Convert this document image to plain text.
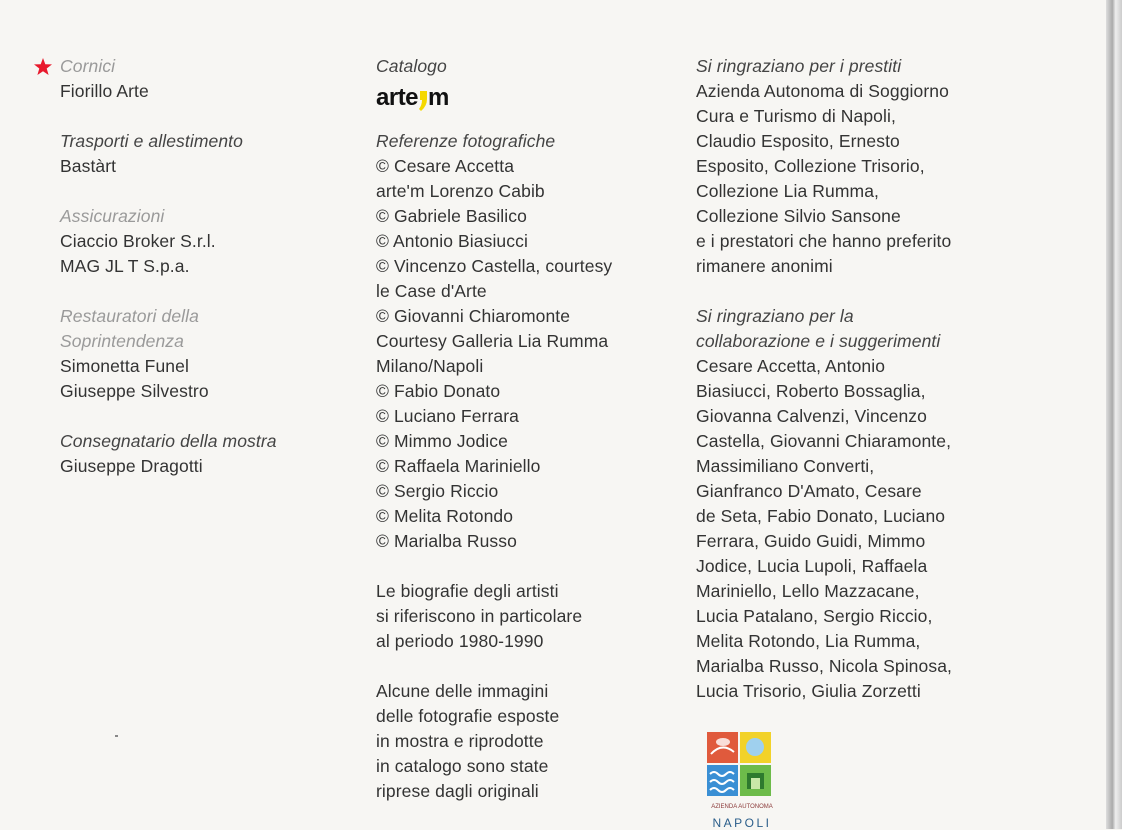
Cornici
Fiorillo Arte
Trasporti e allestimento
Bastàrt
Assicurazioni
Ciaccio Broker S.r.l.
MAG JL T S.p.a.
Restauratori della
Soprintendenza
Simonetta Funel
Giuseppe Silvestro
Consegnatario della mostra
Giuseppe Dragotti
Catalogo
arte m
Referenze fotografiche
© Cesare Accetta
arte'm Lorenzo Cabib
© Gabriele Basilico
© Antonio Biasiucci
© Vincenzo Castella, courtesy
le Case d'Arte
© Giovanni Chiaromonte
Courtesy Galleria Lia Rumma
Milano/Napoli
© Fabio Donato
© Luciano Ferrara
© Mimmo Jodice
© Raffaela Mariniello
© Sergio Riccio
© Melita Rotondo
© Marialba Russo
Le biografie degli artisti
si riferiscono in particolare
al periodo 1980-1990
Alcune delle immagini
delle fotografie esposte
in mostra e riprodotte
in catalogo sono state
riprese dagli originali
Si ringraziano per i prestiti
Azienda Autonoma di Soggiorno
Cura e Turismo di Napoli,
Claudio Esposito, Ernesto
Esposito, Collezione Trisorio,
Collezione Lia Rumma,
Collezione Silvio Sansone
e i prestatori che hanno preferito
rimanere anonimi
Si ringraziano per la
collaborazione e i suggerimenti
Cesare Accetta, Antonio
Biasiucci, Roberto Bossaglia,
Giovanna Calvenzi, Vincenzo
Castella, Giovanni Chiaramonte,
Massimiliano Converti,
Gianfranco D'Amato, Cesare
de Seta, Fabio Donato, Luciano
Ferrara, Guido Guidi, Mimmo
Jodice, Lucia Lupoli, Raffaela
Mariniello, Lello Mazzacane,
Lucia Patalano, Sergio Riccio,
Melita Rotondo, Lia Rumma,
Marialba Russo, Nicola Spinosa,
Lucia Trisorio, Giulia Zorzetti
AZIENDA AUTONOMA
NAPOLI
